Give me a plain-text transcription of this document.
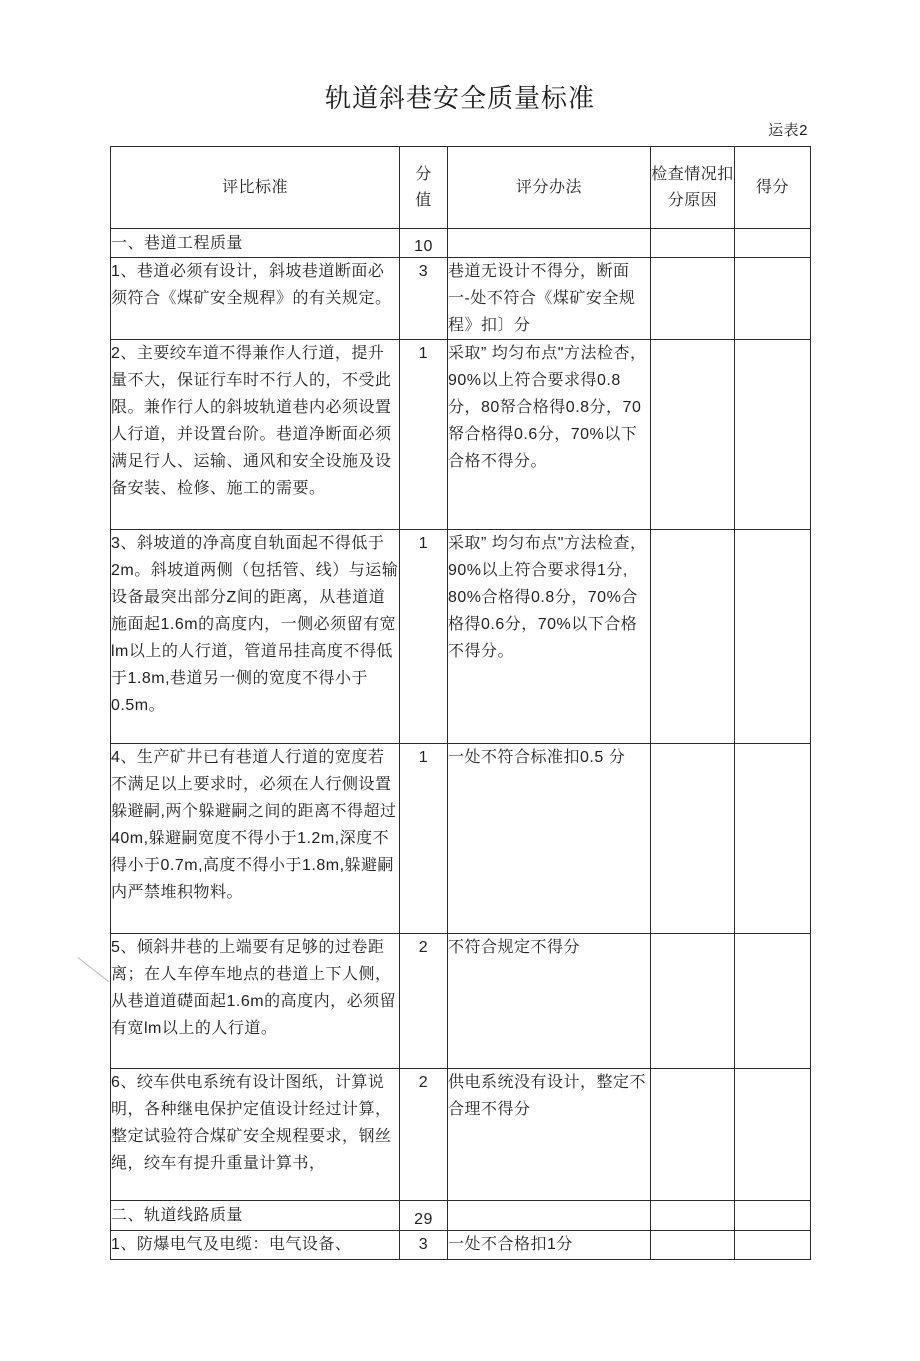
轨道斜巷安全质量标准
运表2
评比标准	分值	评分办法	检查情况扣分原因	得分
一、巷道工程质量	10			
1、巷道必须有设计，斜坡巷道断面必须符合《煤矿安全规稈》的有关规定。	3	巷道无设计不得分，断面一-处不符合《煤矿安全规程》扣〕分		
2、主要绞车道不得兼作人行道，提升量不大，保证行车时不行人的，不受此限。兼作行人的斜坡轨道巷内必须设置人行道，并设置台阶。巷道净断面必须满足行人、运输、通风和安全设施及设备安装、检修、施工的需要。	1	采取” 均匀布点"方法检杏，90%以上符合要求得0.8分，80帑合格得0.8分，70帑合格得0.6分，70%以下合格不得分。		
3、斜坡道的净高度自轨面起不得低于2m。斜坡道两侧（包括管、线）与运输设备最突出部分Z间的距离，从巷道道施面起1.6m的高度内，一侧必须留有宽lm以上的人行道，管道吊挂高度不得低于1.8m,巷道另一侧的宽度不得小于0.5m。	1	采取” 均匀布点"方法检查，90%以上符合要求得1分, 80%合格得0.8分，70%合格得0.6分，70%以下合格不得分。		
4、生产矿井已有巷道人行道的宽度若不满足以上要求时，必须在人行侧设置躲避嗣,两个躲避嗣之间的距离不得超过40m,躲避嗣宽度不得小于1.2m,深度不得小于0.7m,高度不得小于1.8m,躲避嗣内严禁堆积物料。	1	一处不符合标准扣0.5 分		
5、倾斜井巷的上端要有足够的过卷距离；在人车停车地点的巷道上下人侧，从巷道道礎面起1.6m的高度内，必须留有宽lm以上的人行道。	2	不符合规定不得分		
6、绞车供电系统有设计图纸，计算说明，各种继电保护定值设计经过计算，整定试验符合煤矿安全规程要求，钢丝绳，绞车有提升重量计算书，	2	供电系统没有设计，整定不合理不得分		
二、轨道线路质量	29			
1、防爆电气及电缆：电气设备、	3	一处不合格扣1分		
